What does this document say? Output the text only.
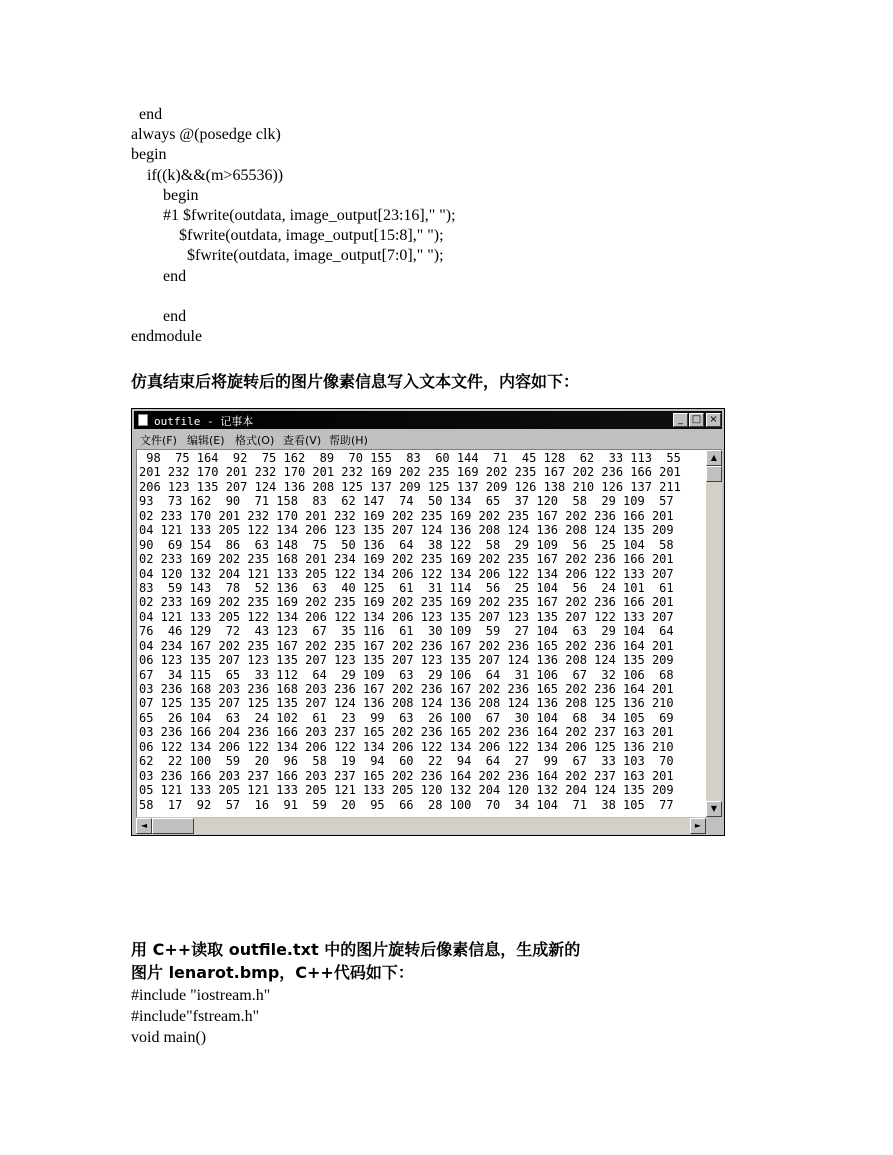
end
always @(posedge clk)
begin
if((k)&&(m>65536))
begin
#1 $fwrite(outdata, image_output[23:16]," ");
$fwrite(outdata, image_output[15:8]," ");
$fwrite(outdata, image_output[7:0]," ");
end
end
endmodule
仿真结束后将旋转后的图片像素信息写入文本文件，内容如下：
outfile - 记事本	_ □ ×
文件(F) 编辑(E) 格式(O) 查看(V) 帮助(H)
98  75 164  92  75 162  89  70 155  83  60 144  71  45 128  62  33 113  55
201 232 170 201 232 170 201 232 169 202 235 169 202 235 167 202 236 166 201
206 123 135 207 124 136 208 125 137 209 125 137 209 126 138 210 126 137 211
93  73 162  90  71 158  83  62 147  74  50 134  65  37 120  58  29 109  57
02 233 170 201 232 170 201 232 169 202 235 169 202 235 167 202 236 166 201
04 121 133 205 122 134 206 123 135 207 124 136 208 124 136 208 124 135 209
90  69 154  86  63 148  75  50 136  64  38 122  58  29 109  56  25 104  58
02 233 169 202 235 168 201 234 169 202 235 169 202 235 167 202 236 166 201
04 120 132 204 121 133 205 122 134 206 122 134 206 122 134 206 122 133 207
83  59 143  78  52 136  63  40 125  61  31 114  56  25 104  56  24 101  61
02 233 169 202 235 169 202 235 169 202 235 169 202 235 167 202 236 166 201
04 121 133 205 122 134 206 122 134 206 123 135 207 123 135 207 122 133 207
76  46 129  72  43 123  67  35 116  61  30 109  59  27 104  63  29 104  64
04 234 167 202 235 167 202 235 167 202 236 167 202 236 165 202 236 164 201
06 123 135 207 123 135 207 123 135 207 123 135 207 124 136 208 124 135 209
67  34 115  65  33 112  64  29 109  63  29 106  64  31 106  67  32 106  68
03 236 168 203 236 168 203 236 167 202 236 167 202 236 165 202 236 164 201
07 125 135 207 125 135 207 124 136 208 124 136 208 124 136 208 125 136 210
65  26 104  63  24 102  61  23  99  63  26 100  67  30 104  68  34 105  69
03 236 166 204 236 166 203 237 165 202 236 165 202 236 164 202 237 163 201
06 122 134 206 122 134 206 122 134 206 122 134 206 122 134 206 125 136 210
62  22 100  59  20  96  58  19  94  60  22  94  64  27  99  67  33 103  70
03 236 166 203 237 166 203 237 165 202 236 164 202 236 164 202 237 163 201
05 121 133 205 121 133 205 121 133 205 120 132 204 120 132 204 124 135 209
58  17  92  57  16  91  59  20  95  66  28 100  70  34 104  71  38 105  77
▲
▼
◄	►
用 C++读取 outfile.txt 中的图片旋转后像素信息，生成新的
图片 lenarot.bmp，C++代码如下：
#include "iostream.h"
#include"fstream.h"
void main()
